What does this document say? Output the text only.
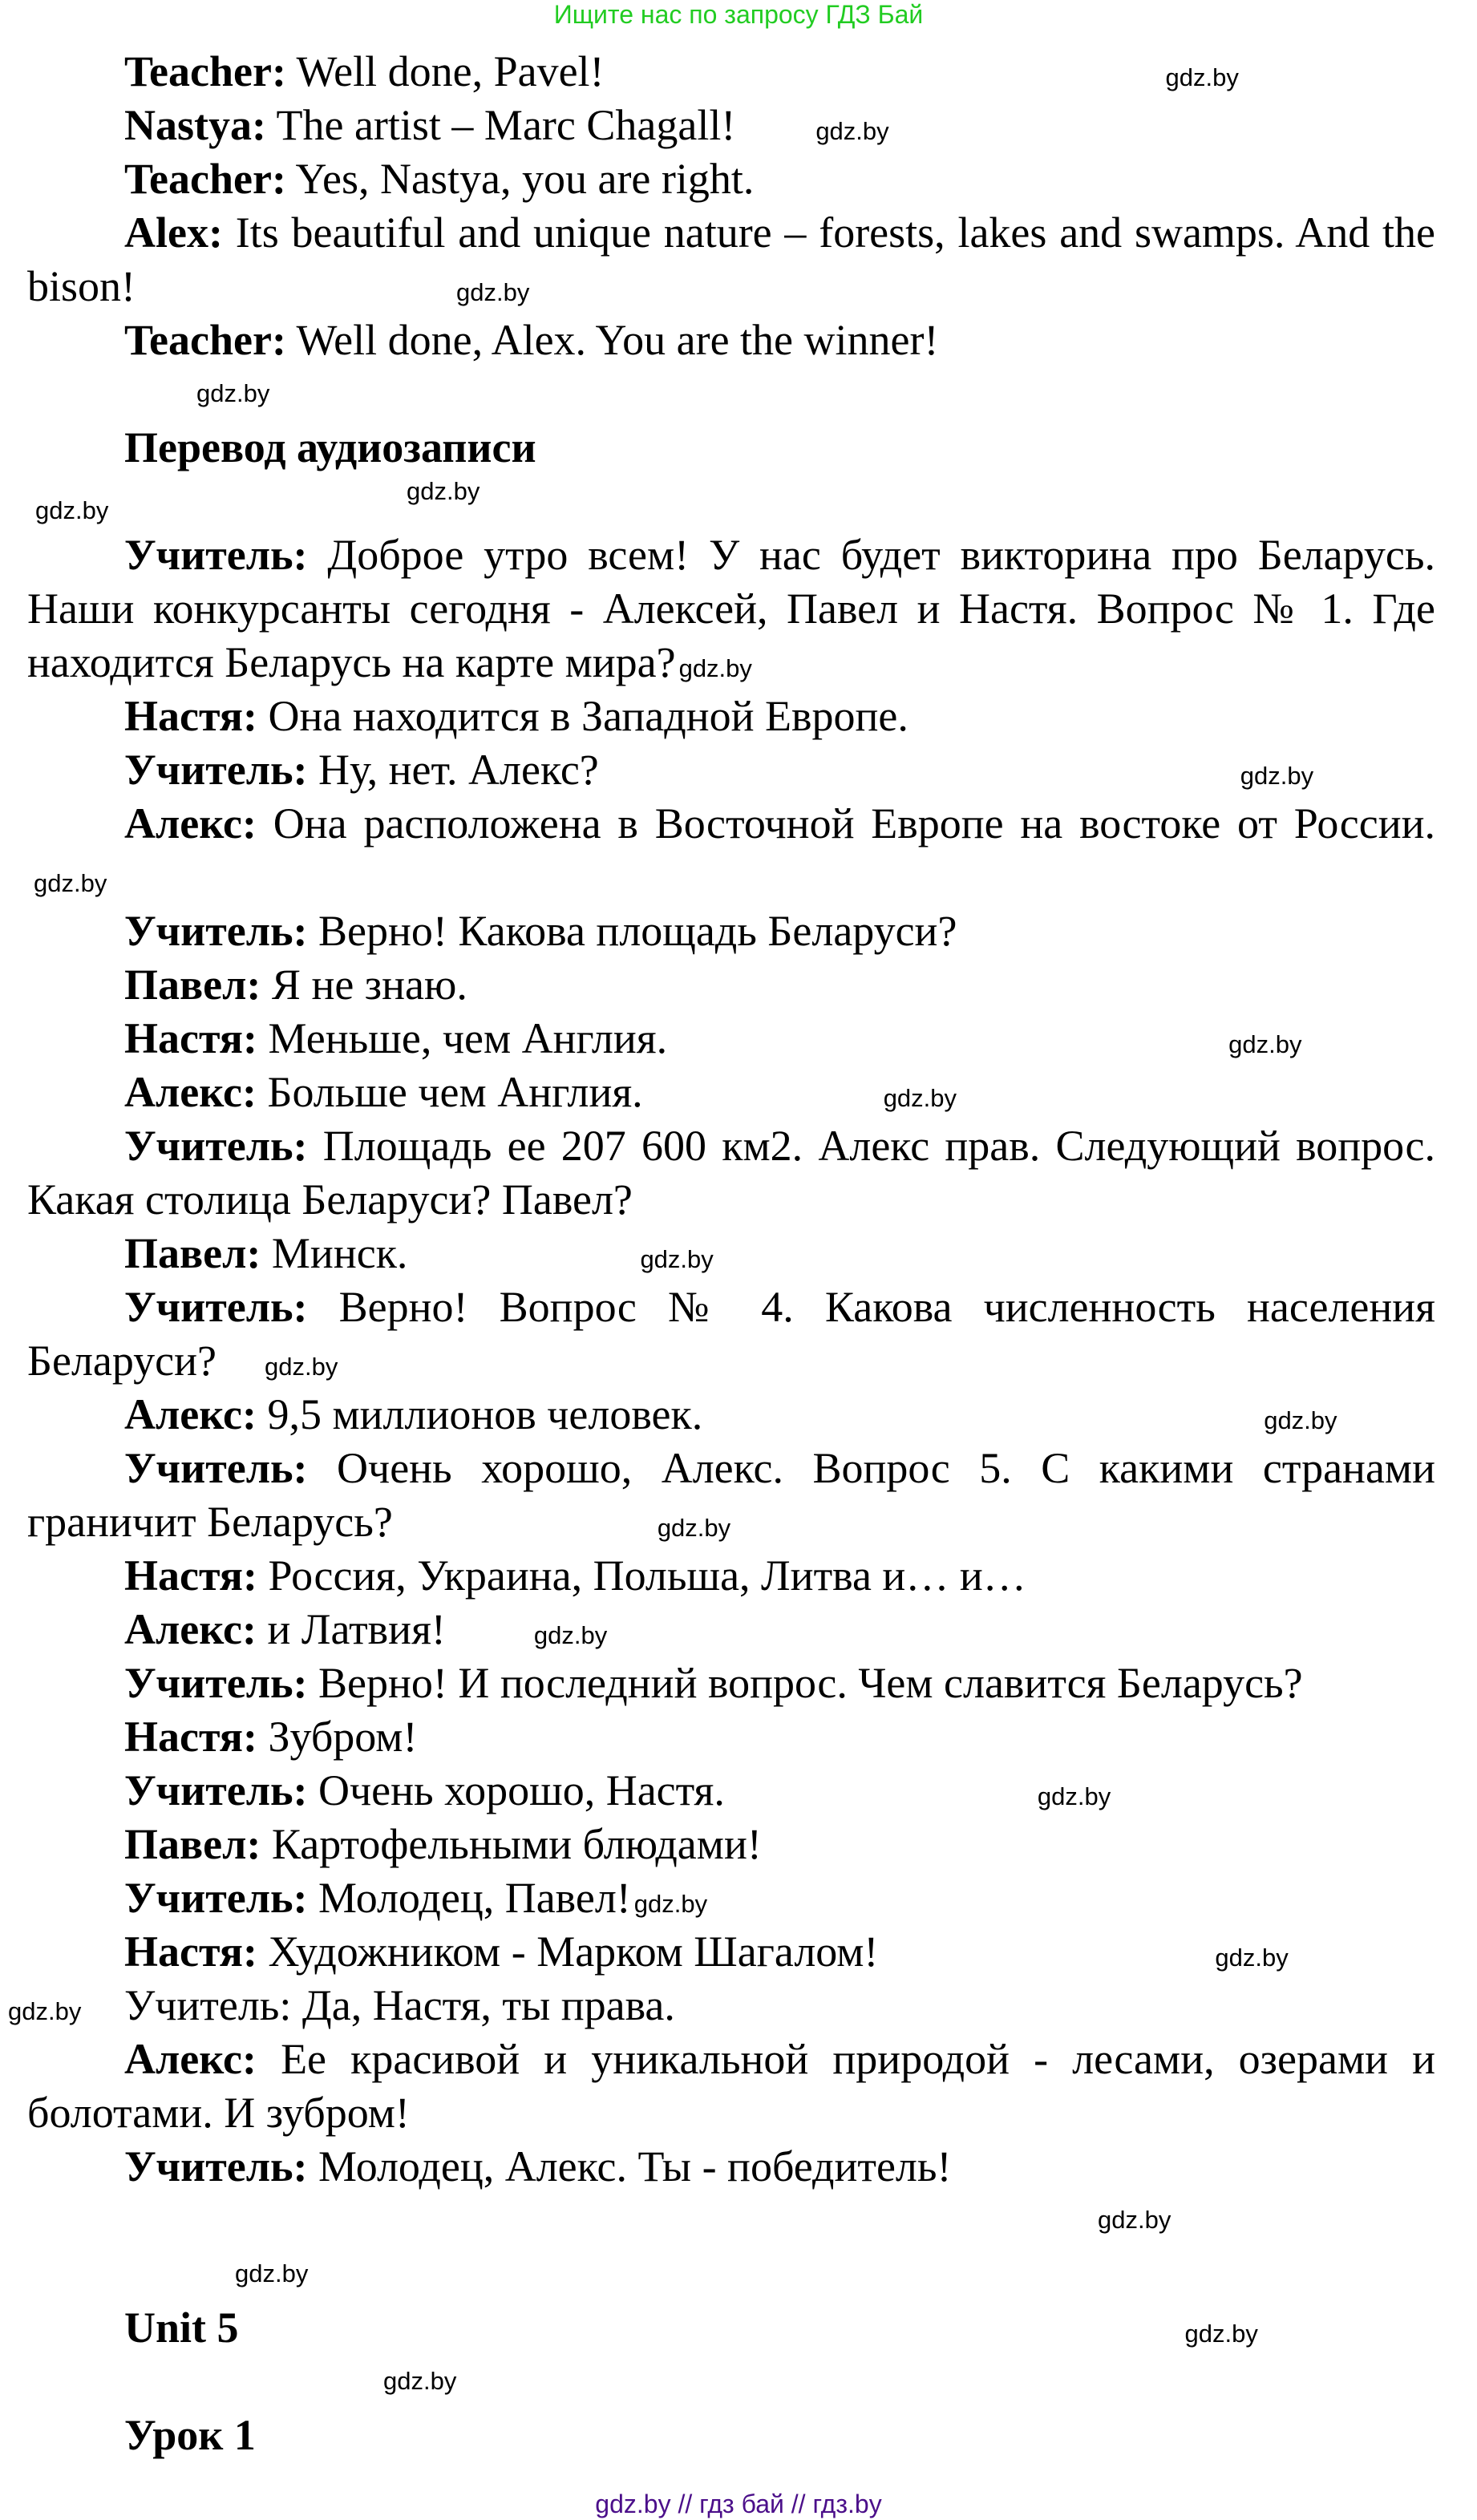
Ищите нас по запросу ГДЗ Бай

Teacher: Well done, Pavel!	gdz.by

Nastya: The artist – Marc Chagall!	gdz.by

Teacher: Yes, Nastya, you are right.

Alex: Its beautiful and unique nature – forests, lakes and swamps. And the bison!	gdz.by

Teacher: Well done, Alex. You are the winner!

gdz.by
Перевод аудиозаписи
gdz.by
gdz.by

Учитель: Доброе утро всем! У нас будет викторина про Беларусь. Наши конкурсанты сегодня - Алексей, Павел и Настя. Вопрос № 1. Где находится Беларусь на карте мира? gdz.by

Настя: Она находится в Западной Европе.

Учитель: Ну, нет. Алекс?	gdz.by

Алекс: Она расположена в Восточной Европе на востоке от России.gdz.by

Учитель: Верно! Какова площадь Беларуси?

Павел: Я не знаю.

Настя: Меньше, чем Англия.	gdz.by

Алекс: Больше чем Англия.	gdz.by

Учитель: Площадь ее 207 600 км2. Алекс прав. Следующий вопрос. Какая столица Беларуси? Павел?

Павел: Минск.	gdz.by

Учитель: Верно! Вопрос № 4. Какова численность населения Беларуси? gdz.by

Алекс: 9,5 миллионов человек.	gdz.by

Учитель: Очень хорошо, Алекс. Вопрос 5. С какими странами граничит Беларусь?	gdz.by

Настя: Россия, Украина, Польша, Литва и… и…

Алекс: и Латвия!	gdz.by

Учитель: Верно! И последний вопрос. Чем славится Беларусь?

Настя: Зубром!

Учитель: Очень хорошо, Настя.	gdz.by

Павел: Картофельными блюдами!

Учитель: Молодец, Павел! gdz.by

Настя: Художником - Марком Шагалом!	gdz.by

gdz.by Учитель: Да, Настя, ты права.

Алекс: Ее красивой и уникальной природой - лесами, озерами и болотами. И зубром!

Учитель: Молодец, Алекс. Ты - победитель!

gdz.by
gdz.by
Unit 5	gdz.by
gdz.by
Урок 1
gdz.by // гдз бай // гдз.by
